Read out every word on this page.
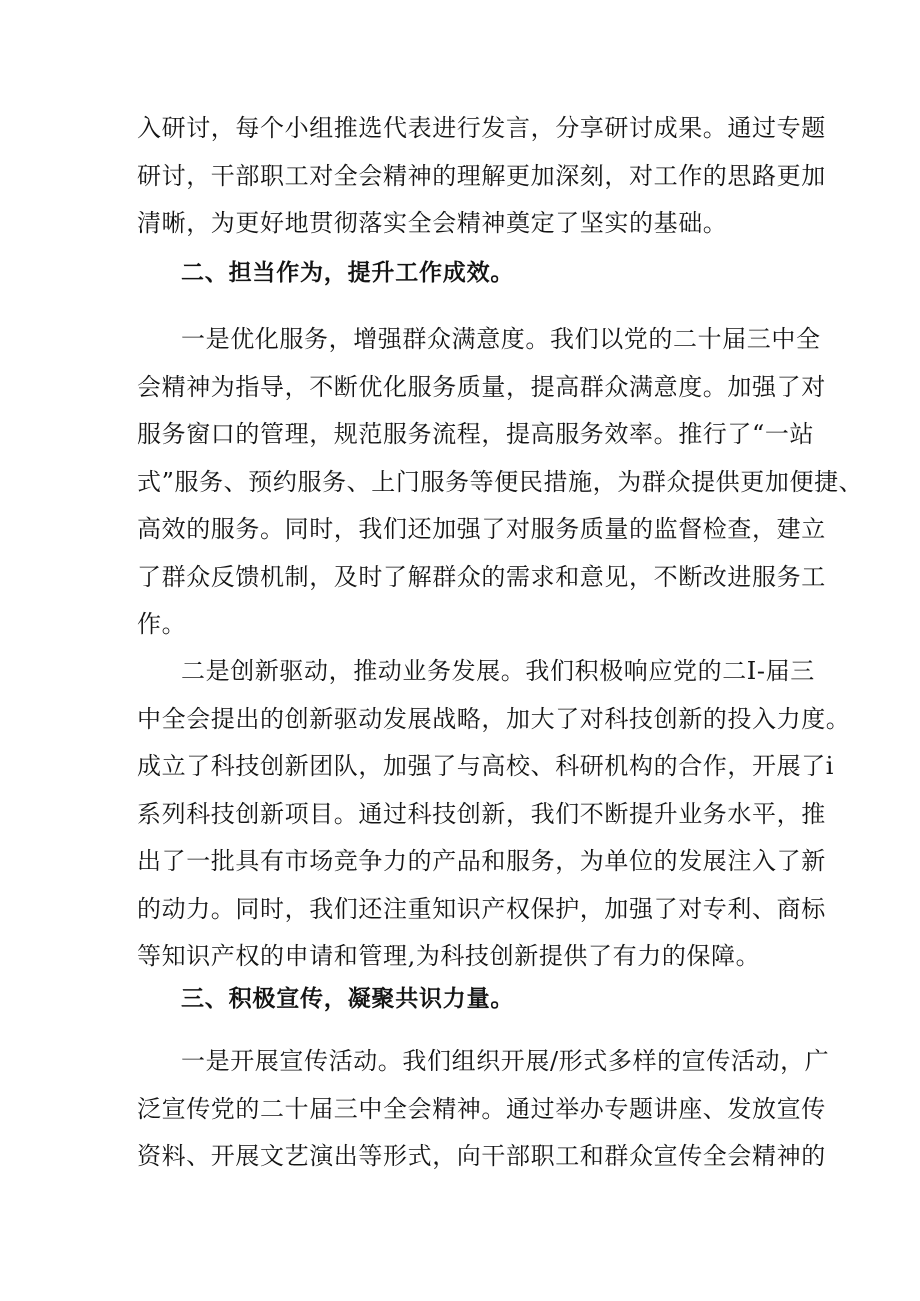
入研讨，每个小组推选代表进行发言，分享研讨成果。通过专题
研讨，干部职工对全会精神的理解更加深刻，对工作的思路更加
清晰，为更好地贯彻落实全会精神奠定了坚实的基础。
二、担当作为，提升工作成效。
一是优化服务，增强群众满意度。我们以党的二十届三中全
会精神为指导，不断优化服务质量，提高群众满意度。加强了对
服务窗口的管理，规范服务流程，提高服务效率。推行了“一站
式”服务、预约服务、上门服务等便民措施，为群众提供更加便捷、
高效的服务。同时，我们还加强了对服务质量的监督检查，建立
了群众反馈机制，及时了解群众的需求和意见，不断改进服务工
作。
二是创新驱动，推动业务发展。我们积极响应党的二I-届三
中全会提出的创新驱动发展战略，加大了对科技创新的投入力度。
成立了科技创新团队，加强了与高校、科研机构的合作，开展了i
系列科技创新项目。通过科技创新，我们不断提升业务水平，推
出了一批具有市场竞争力的产品和服务，为单位的发展注入了新
的动力。同时，我们还注重知识产权保护，加强了对专利、商标
等知识产权的申请和管理,为科技创新提供了有力的保障。
三、积极宣传，凝聚共识力量。
一是开展宣传活动。我们组织开展/形式多样的宣传活动，广
泛宣传党的二十届三中全会精神。通过举办专题讲座、发放宣传
资料、开展文艺演出等形式，向干部职工和群众宣传全会精神的
